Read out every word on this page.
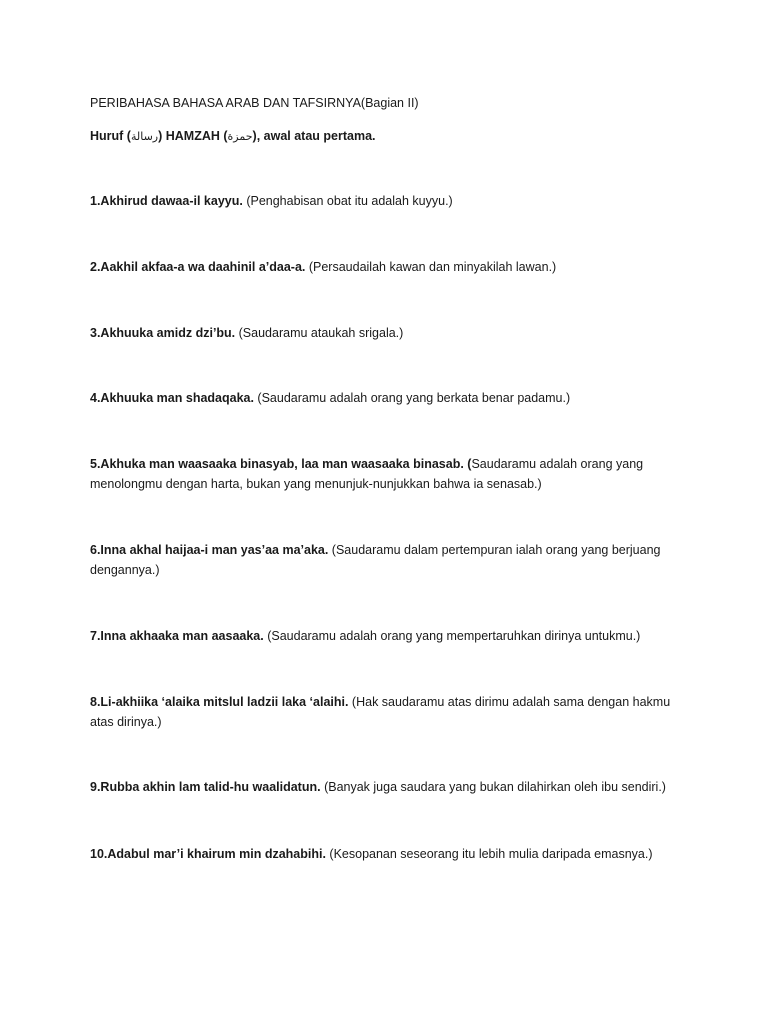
PERIBAHASA BAHASA ARAB DAN TAFSIRNYA(Bagian II)
Huruf (رسالة) HAMZAH (حمزة), awal atau pertama.
1.Akhirud dawaa-il kayyu. (Penghabisan obat itu adalah kuyyu.)
2.Aakhil akfaa-a wa daahinil a’daa-a. (Persaudailah kawan dan minyakilah lawan.)
3.Akhuuka amidz dzi’bu. (Saudaramu ataukah srigala.)
4.Akhuuka man shadaqaka. (Saudaramu adalah orang yang berkata benar padamu.)
5.Akhuka man waasaaka binasyab, laa man waasaaka binasab. (Saudaramu adalah orang yang menolongmu dengan harta, bukan yang menunjuk-nunjukkan bahwa ia senasab.)
6.Inna akhal haijaa-i man yas’aa ma’aka. (Saudaramu dalam pertempuran ialah orang yang berjuang dengannya.)
7.Inna akhaaka man aasaaka. (Saudaramu adalah orang yang mempertaruhkan dirinya untukmu.)
8.Li-akhiika ‘alaika mitslul ladzii laka ‘alaihi. (Hak saudaramu atas dirimu adalah sama dengan hakmu atas dirinya.)
9.Rubba akhin lam talid-hu waalidatun. (Banyak juga saudara yang bukan dilahirkan oleh ibu sendiri.)
10.Adabul mar’i khairum min dzahabihi. (Kesopanan seseorang itu lebih mulia daripada emasnya.)
